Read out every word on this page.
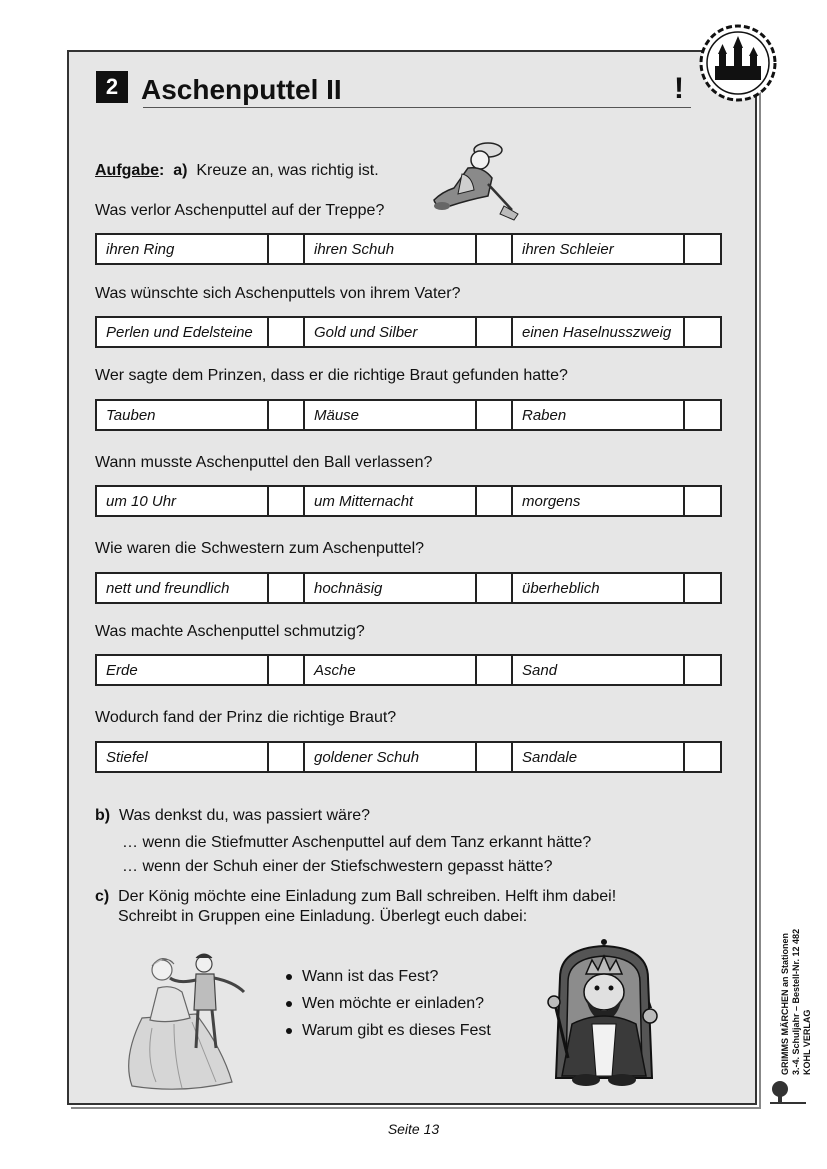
2 Aschenputtel II	!
Aufgabe: a) Kreuze an, was richtig ist.
Was verlor Aschenputtel auf der Treppe?
ihren Ring	ihren Schuh	ihren Schleier
Was wünschte sich Aschenputtels von ihrem Vater?
Perlen und Edelsteine	Gold und Silber	einen Haselnusszweig
Wer sagte dem Prinzen, dass er die richtige Braut gefunden hatte?
Tauben	Mäuse	Raben
Wann musste Aschenputtel den Ball verlassen?
um 10 Uhr	um Mitternacht	morgens
Wie waren die Schwestern zum Aschenputtel?
nett und freundlich	hochnäsig	überheblich
Was machte Aschenputtel schmutzig?
Erde	Asche	Sand
Wodurch fand der Prinz die richtige Braut?
Stiefel	goldener Schuh	Sandale
b) Was denkst du, was passiert wäre?
… wenn die Stiefmutter Aschenputtel auf dem Tanz erkannt hätte?
… wenn der Schuh einer der Stiefschwestern gepasst hätte?
c) Der König möchte eine Einladung zum Ball schreiben. Helft ihm dabei!
Schreibt in Gruppen eine Einladung. Überlegt euch dabei:
Wann ist das Fest?
Wen möchte er einladen?
Warum gibt es dieses Fest	GRIMMS MÄRCHEN an Stationen 3.-4. Schuljahr – Bestell-Nr. 12 482 KOHL VERLAG
Seite 13
